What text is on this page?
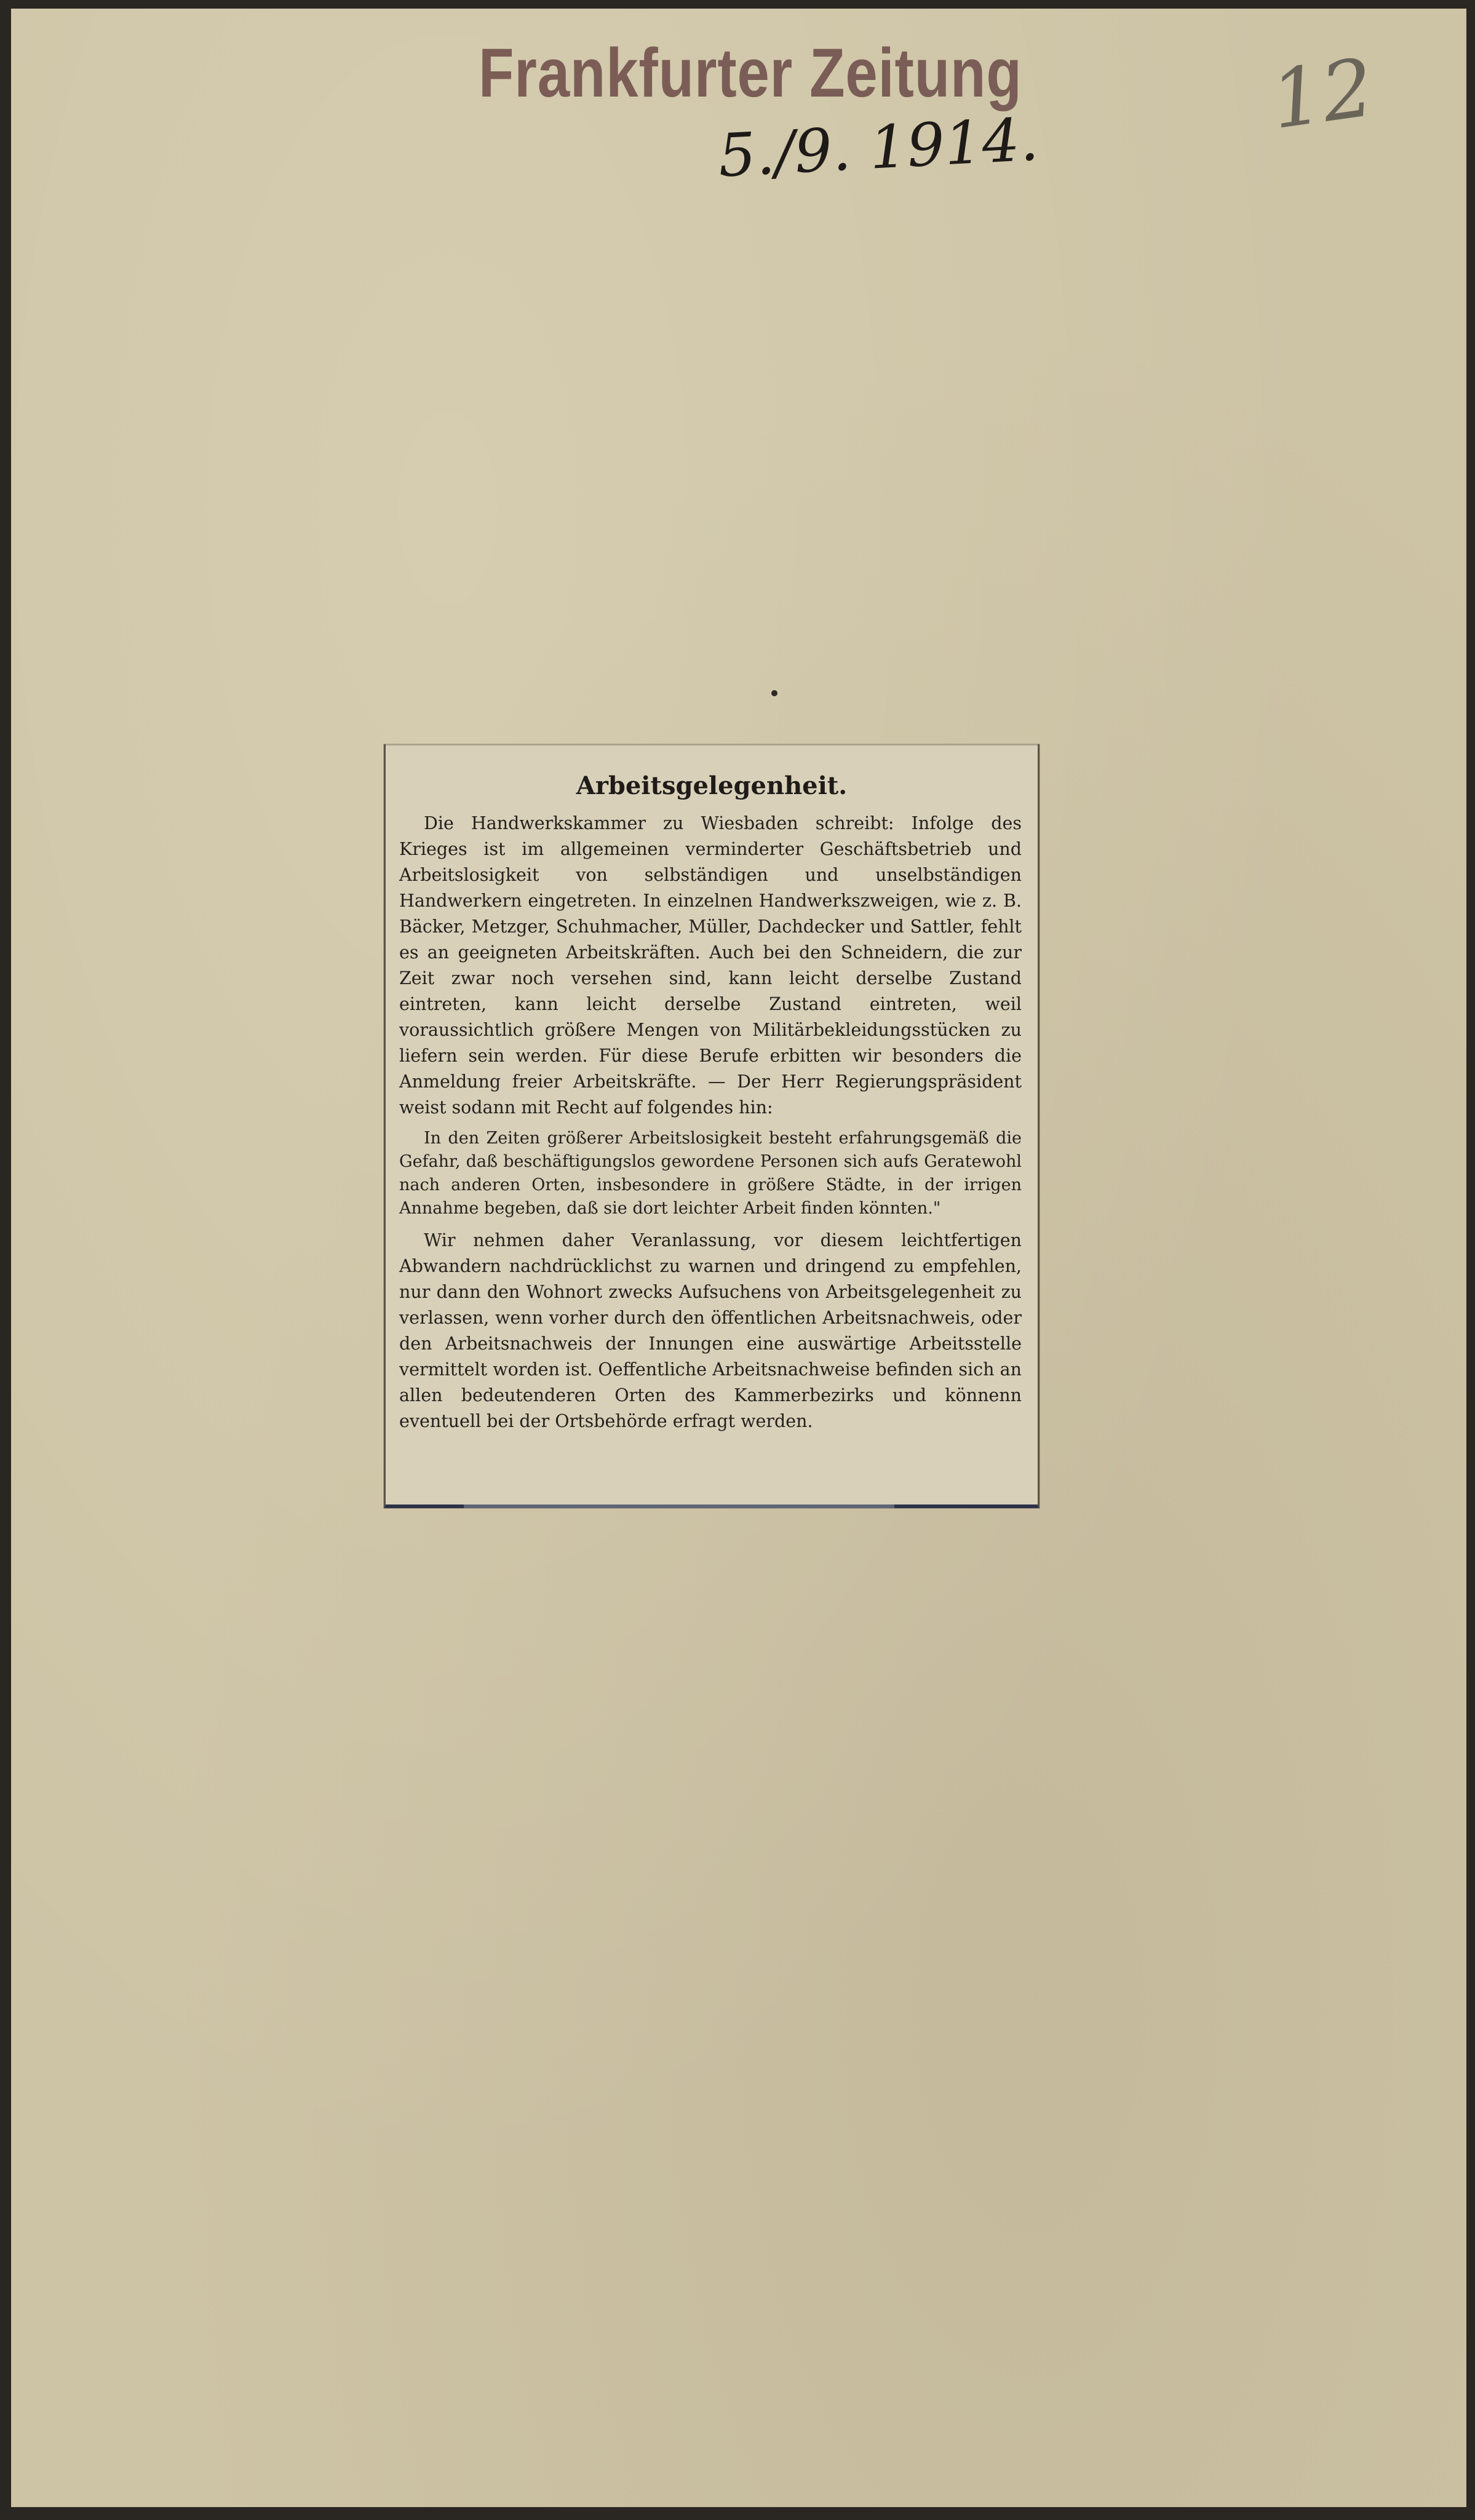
Frankfurter Zeitung
5./9. 1914.
12
Arbeitsgelegenheit.

Die Handwerkskammer zu Wiesbaden schreibt: Infolge des Krieges ist im allgemeinen verminderter Geschäftsbetrieb und Arbeitslosigkeit von selbständigen und unselbständigen Handwerkern eingetreten. In einzelnen Handwerkszweigen, wie z. B. Bäcker, Metzger, Schuhmacher, Müller, Dachdecker und Sattler, fehlt es an geeigneten Arbeitskräften. Auch bei den Schneidern, die zur Zeit zwar noch versehen sind, kann leicht derselbe Zustand eintreten, kann leicht derselbe Zustand eintreten, weil voraussichtlich größere Mengen von Militärbekleidungsstücken zu liefern sein werden. Für diese Berufe erbitten wir besonders die Anmeldung freier Arbeitskräfte. — Der Herr Regierungspräsident weist sodann mit Recht auf folgendes hin:

In den Zeiten größerer Arbeitslosigkeit besteht erfahrungsgemäß die Gefahr, daß beschäftigungslos gewordene Personen sich aufs Geratewohl nach anderen Orten, insbesondere in größere Städte, in der irrigen Annahme begeben, daß sie dort leichter Arbeit finden könnten."

Wir nehmen daher Veranlassung, vor diesem leichtfertigen Abwandern nachdrücklichst zu warnen und dringend zu empfehlen, nur dann den Wohnort zwecks Aufsuchens von Arbeitsgelegenheit zu verlassen, wenn vorher durch den öffentlichen Arbeitsnachweis, oder den Arbeitsnachweis der Innungen eine auswärtige Arbeitsstelle vermittelt worden ist. Oeffentliche Arbeitsnachweise befinden sich an allen bedeutenderen Orten des Kammerbezirks und könnenn eventuell bei der Ortsbehörde erfragt werden.
